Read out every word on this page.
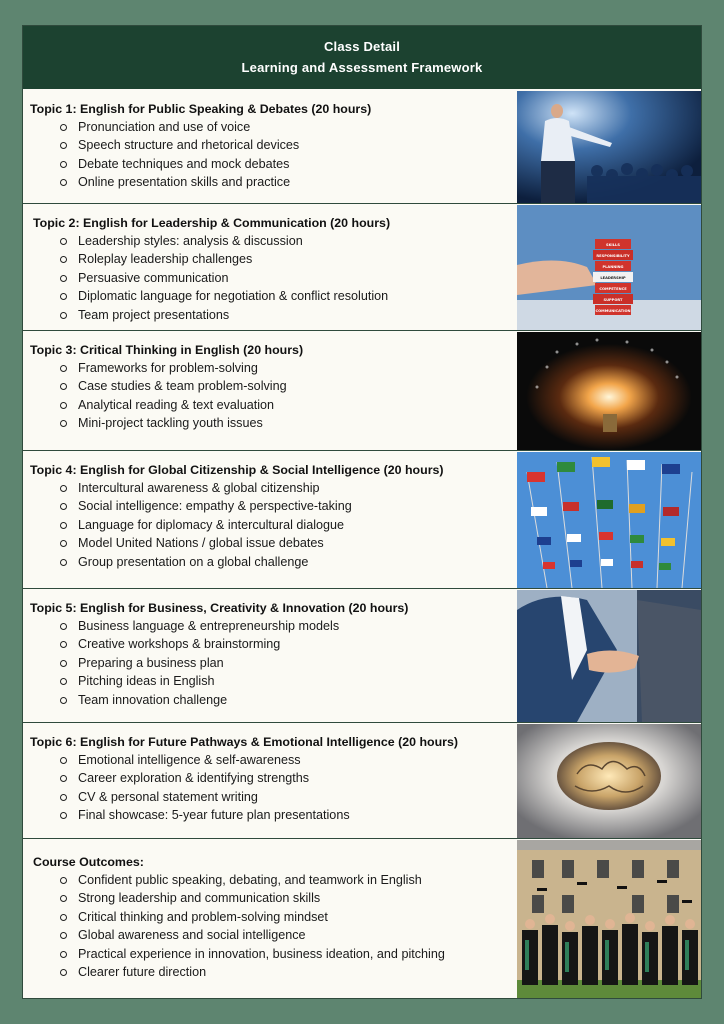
Class Detail
Learning and Assessment Framework
Topic 1: English for Public Speaking & Debates (20 hours)
Pronunciation and use of voice
Speech structure and rhetorical devices
Debate techniques and mock debates
Online presentation skills and practice
Topic 2: English for Leadership & Communication (20 hours)
Leadership styles: analysis & discussion
Roleplay leadership challenges
Persuasive communication
Diplomatic language for negotiation & conflict resolution
Team project presentations
SKILLS
RESPONSIBILITY
PLANNING
LEADERSHIP
COMPETENCE
SUPPORT
COMMUNICATION
Topic 3: Critical Thinking in English (20 hours)
Frameworks for problem-solving
Case studies & team problem-solving
Analytical reading & text evaluation
Mini-project tackling youth issues
Topic 4: English for Global Citizenship & Social Intelligence (20 hours)
Intercultural awareness & global citizenship
Social intelligence: empathy & perspective-taking
Language for diplomacy & intercultural dialogue
Model United Nations / global issue debates
Group presentation on a global challenge
Topic 5: English for Business, Creativity & Innovation (20 hours)
Business language & entrepreneurship models
Creative workshops & brainstorming
Preparing a business plan
Pitching ideas in English
Team innovation challenge
Topic 6: English for Future Pathways & Emotional Intelligence (20 hours)
Emotional intelligence & self-awareness
Career exploration & identifying strengths
CV & personal statement writing
Final showcase: 5-year future plan presentations
Course Outcomes:
Confident public speaking, debating, and teamwork in English
Strong leadership and communication skills
Critical thinking and problem-solving mindset
Global awareness and social intelligence
Practical experience in innovation, business ideation, and pitching
Clearer future direction
